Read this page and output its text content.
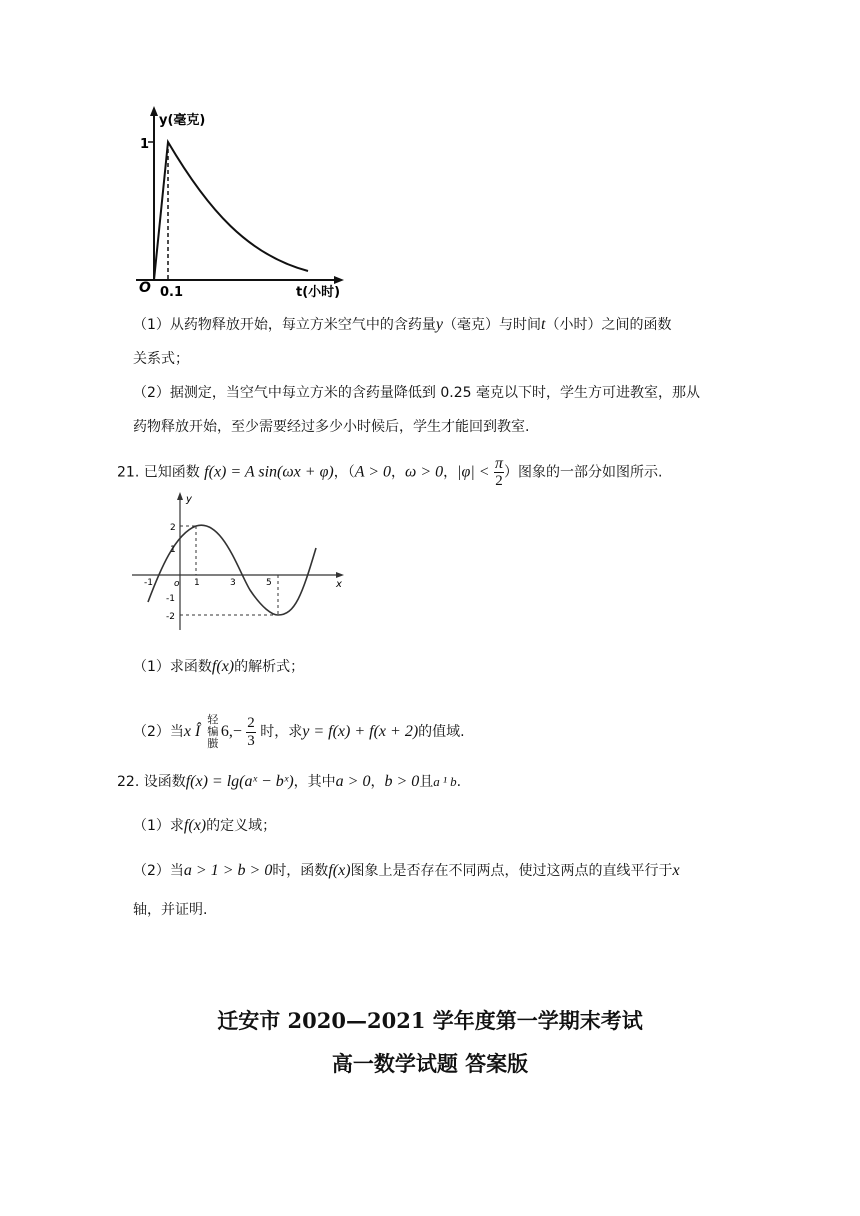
y(毫克)
1
O 0.1	t(小时)
（1）从药物释放开始，每立方米空气中的含药量y（毫克）与时间t（小时）之间的函数
关系式；
（2）据测定，当空气中每立方米的含药量降低到 0.25 毫克以下时，学生方可进教室，那从
药物释放开始，至少需要经过多少小时候后，学生才能回到教室.
21. 已知函数 f(x) = A sin(ωx + φ)，（A > 0，ω > 0，$|\varphi| < \frac{\pi}{2}$ ）图象的一部分如图所示.
y
x
2
1
-1
-2
-1 o 1	3	5
（1）求函数f(x)的解析式；
（2）当x Î 轻 犏 臌$6,- \frac{2}{3}$ 时，求y = f(x) + f(x + 2)的值域.
22. 设函数f(x) = lg(aˣ − bˣ)，其中a > 0，b > 0且a ¹ b.
（1）求f(x)的定义域；
（2）当a > 1 > b > 0时，函数f(x)图象上是否存在不同两点，使过这两点的直线平行于x
轴，并证明.
迁安市 2020—2021 学年度第一学期末考试
高一数学试题 答案版
